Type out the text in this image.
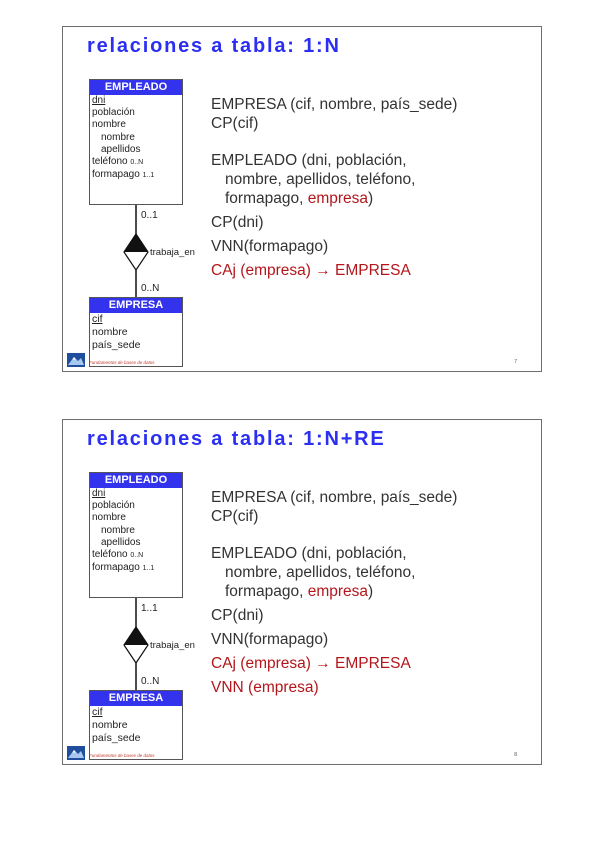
relaciones a tabla: 1:N
EMPLEADO
dni
población
nombre
nombre
apellidos
teléfono 0..N
formapago 1..1
0..1
trabaja_en
0..N
EMPRESA
cif
nombre
país_sede
EMPRESA (cif, nombre, país_sede)
CP(cif)
EMPLEADO (dni, población,
nombre, apellidos, teléfono,
formapago, empresa)
CP(dni)
VNN(formapago)
CAj (empresa) → EMPRESA
Fundamentos de bases de datos	7
relaciones a tabla: 1:N+RE
EMPLEADO
dni
población
nombre
nombre
apellidos
teléfono 0..N
formapago 1..1
1..1
trabaja_en
0..N
EMPRESA
cif
nombre
país_sede
EMPRESA (cif, nombre, país_sede)
CP(cif)
EMPLEADO (dni, población,
nombre, apellidos, teléfono,
formapago, empresa)
CP(dni)
VNN(formapago)
CAj (empresa) → EMPRESA
VNN (empresa)
Fundamentos de bases de datos	8
